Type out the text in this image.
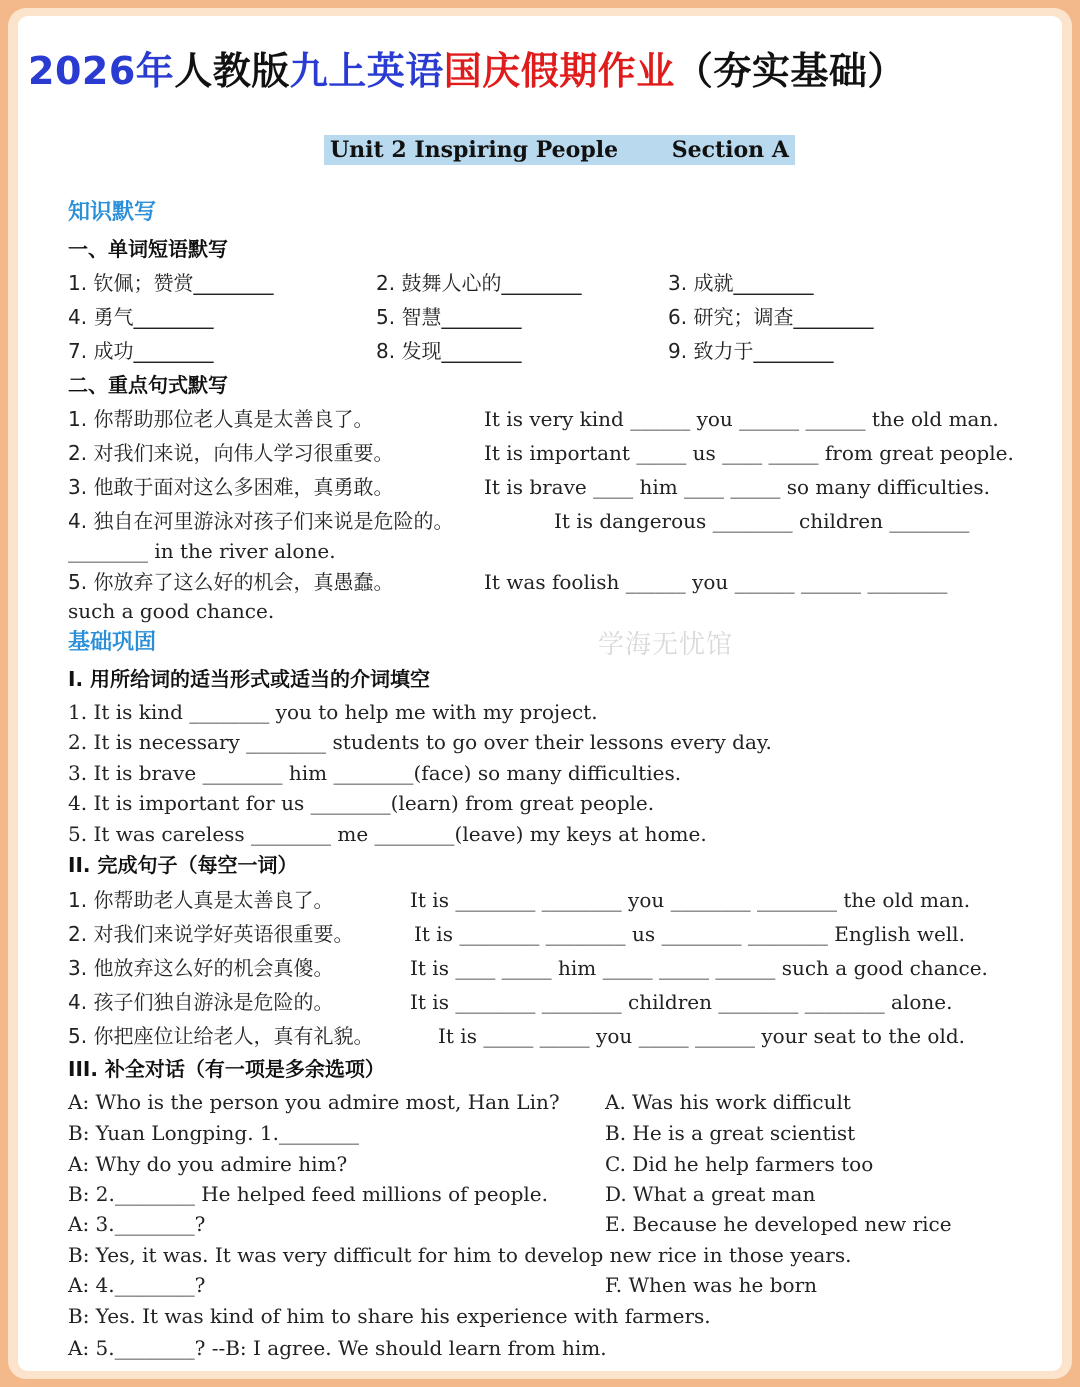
2026年人教版九上英语国庆假期作业（夯实基础）
Unit 2 Inspiring People       Section A
知识默写
一、单词短语默写
1. 钦佩；赞赏________	2. 鼓舞人心的________	3. 成就________
4. 勇气________	5. 智慧________	6. 研究；调查________
7. 成功________	8. 发现________	9. 致力于________
二、重点句式默写
1. 你帮助那位老人真是太善良了。	It is very kind ______ you ______ ______ the old man.
2. 对我们来说，向伟人学习很重要。	It is important _____ us ____ _____ from great people.
3. 他敢于面对这么多困难，真勇敢。	It is brave ____ him ____ _____ so many difficulties.
4. 独自在河里游泳对孩子们来说是危险的。	It is dangerous ________ children ________
________ in the river alone.
5. 你放弃了这么好的机会，真愚蠢。	It was foolish ______ you ______ ______ ________
such a good chance.
学海无忧馆
基础巩固
I. 用所给词的适当形式或适当的介词填空
1. It is kind ________ you to help me with my project.
2. It is necessary ________ students to go over their lessons every day.
3. It is brave ________ him ________(face) so many difficulties.
4. It is important for us ________(learn) from great people.
5. It was careless ________ me ________(leave) my keys at home.
II. 完成句子（每空一词）
1. 你帮助老人真是太善良了。	It is ________ ________ you ________ ________ the old man.
2. 对我们来说学好英语很重要。	It is ________ ________ us ________ ________ English well.
3. 他放弃这么好的机会真傻。	It is ____ _____ him _____ _____ ______ such a good chance.
4. 孩子们独自游泳是危险的。	It is ________ ________ children ________ ________ alone.
5. 你把座位让给老人，真有礼貌。	It is _____ _____ you _____ ______ your seat to the old.
III. 补全对话（有一项是多余选项）
A: Who is the person you admire most, Han Lin?
B: Yuan Longping. 1.________
A: Why do you admire him?
B: 2.________ He helped feed millions of people.
A: 3.________?
B: Yes, it was. It was very difficult for him to develop new rice in those years.
A: 4.________?
B: Yes. It was kind of him to share his experience with farmers.
A: 5.________? --B: I agree. We should learn from him.
A. Was his work difficult
B. He is a great scientist
C. Did he help farmers too
D. What a great man
E. Because he developed new rice
F. When was he born
